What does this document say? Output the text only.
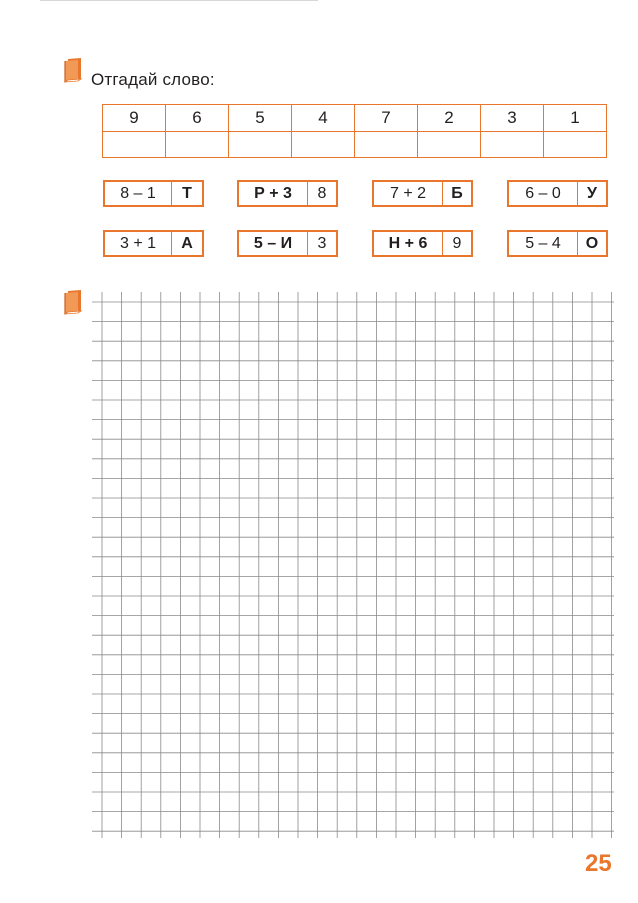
Отгадай слово:
9	6	5	4	7	2	3	1

8 – 1	Т	Р + 3	8	7 + 2	Б	6 – 0	У
3 + 1	А	5 – И	3	Н + 6	9	5 – 4	О
25
